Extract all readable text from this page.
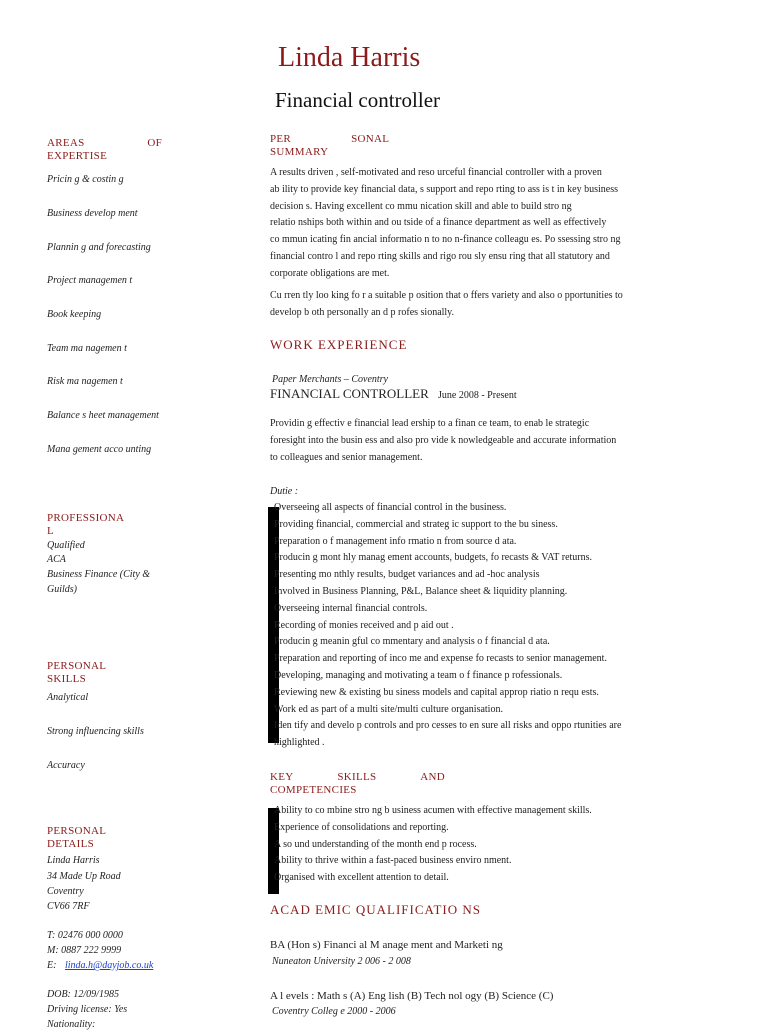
Linda Harris
Financial controller
AREAS	OF
EXPERTISE
Pricin g & costin g
Business develop ment
Plannin g and forecasting
Project managemen t
Book keeping
Team ma nagemen t
Risk ma nagemen t
Balance s heet management
Mana gement acco unting
PROFESSIONA
L
Qualified
ACA
Business Finance (City &
Guilds)
PERSONAL
SKILLS
Analytical
Strong influencing skills
Accuracy
PERSONAL
DETAILS
Linda Harris
34 Made Up Road
Coventry
CV66 7RF
T: 02476 000 0000
M: 0887 222 9999
E: linda.h@dayjob.co.uk
DOB: 12/09/1985
Driving license: Yes
Nationality:
PER	SONAL
SUMMARY
A results driven , self-motivated and reso urceful financial controller with a proven
ab ility to provide key financial data, s support and repo rting to ass is t in key business
decision s. Having excellent co mmu nication skill and able to build stro ng
relatio nships both within and ou tside of a finance department as well as effectively
co mmun icating fin ancial informatio n to no n-finance colleagu es. Po ssessing stro ng
financial contro l and repo rting skills and rigo rou sly ensu ring that all statutory and
corporate obligations are met.
Cu rren tly loo king fo r a suitable p osition that o ffers variety and also o pportunities to
develop b oth personally an d p rofes sionally.
WORK EXPERIENCE
Paper Merchants – Coventry
FINANCIAL CONTROLLER June 2008 - Present
Providin g effectiv e financial lead ership to a finan ce team, to enab le strategic
foresight into the busin ess and also pro vide k nowledgeable and accurate information
to colleagues and senior management.
Dutie :
Overseeing all aspects of financial control in the business.
Providing financial, commercial and strateg ic support to the bu siness.
Preparation o f management info rmatio n from source d ata.
Producin g mont hly manag ement accounts, budgets, fo recasts & VAT returns.
Presenting mo nthly results, budget variances and ad -hoc analysis
Involved in Business Planning, P&L, Balance sheet & liquidity planning.
Overseeing internal financial controls.
Recording of monies received and p aid out .
Producin g meanin gful co mmentary and analysis o f financial d ata.
Preparation and reporting of inco me and expense fo recasts to senior management.
Developing, managing and motivating a team o f finance p rofessionals.
Reviewing new & existing bu siness models and capital approp riatio n requ ests.
Work ed as part of a multi site/multi culture organisation.
Iden tify and develo p controls and pro cesses to en sure all risks and oppo rtunities are
highlighted .
KEY	SKILLS	AND
COMPETENCIES
Ability to co mbine stro ng b usiness acumen with effective management skills.
Experience of consolidations and reporting.
A so und understanding of the month end p rocess.
Ability to thrive within a fast-paced business enviro nment.
Organised with excellent attention to detail.
ACAD EMIC QUALIFICATIO NS
BA (Hon s) Financi al M anage ment and Marketi ng
Nuneaton University 2 006 - 2 008
A l evels : Math s (A) Eng lish (B) Tech nol ogy (B) Science (C)
Coventry Colleg e 2000 - 2006
